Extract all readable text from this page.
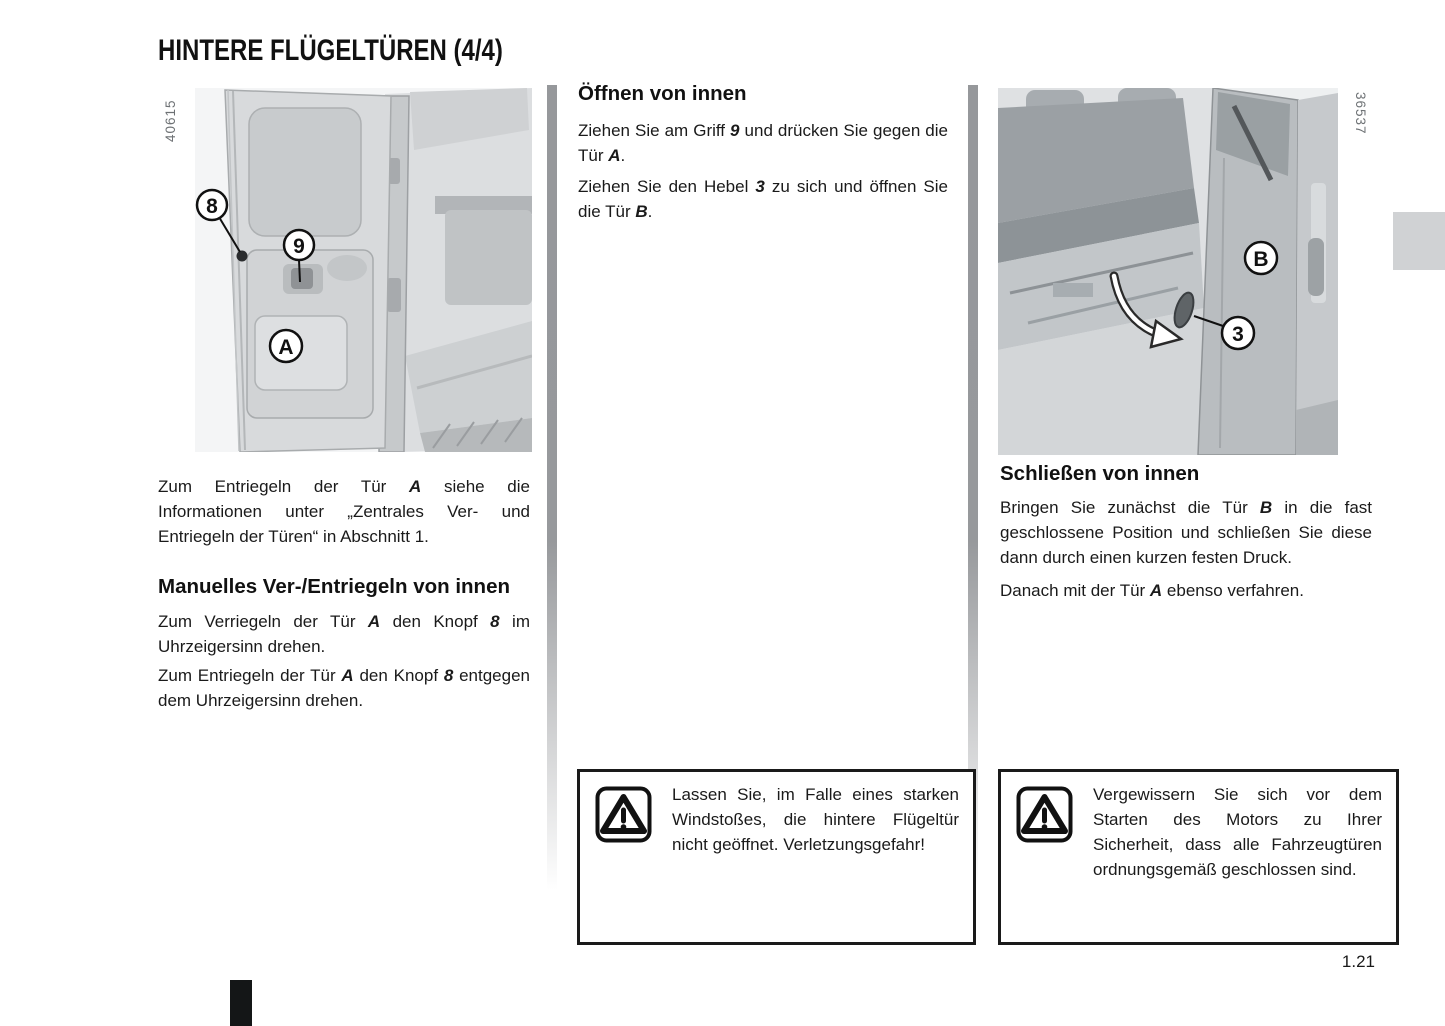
HINTERE FLÜGELTÜREN (4/4)
40615
8
9
A

Zum Entriegeln der Tür A siehe die Informationen unter „Zentrales Ver- und Entriegeln der Türen“ in Abschnitt 1.

Manuelles Ver-/Entriegeln von innen

Zum Verriegeln der Tür A den Knopf 8 im Uhrzeigersinn drehen.

Zum Entriegeln der Tür A den Knopf 8 entgegen dem Uhrzeigersinn drehen.

Öffnen von innen

Ziehen Sie am Griff 9 und drücken Sie gegen die Tür A.

Ziehen Sie den Hebel 3 zu sich und öffnen Sie die Tür B.

36537
B
3
Schließen von innen

Bringen Sie zunächst die Tür B in die fast geschlossene Position und schließen Sie diese dann durch einen kurzen festen Druck.

Danach mit der Tür A ebenso verfahren.

Lassen Sie, im Falle eines starken Windstoßes, die hintere Flügeltür nicht geöffnet. Verletzungsgefahr!
Vergewissern Sie sich vor dem Starten des Motors zu Ihrer Sicherheit, dass alle Fahrzeugtüren ordnungsgemäß geschlossen sind.
1.21
